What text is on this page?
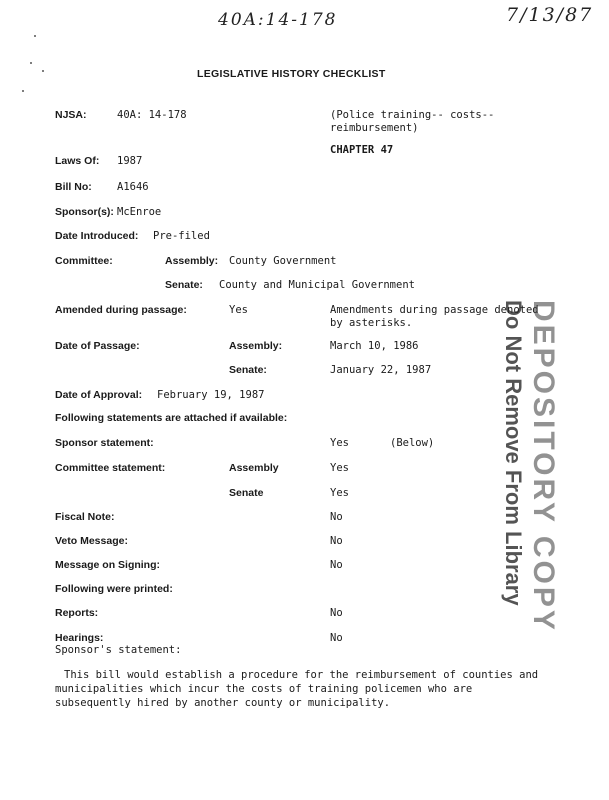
40A:14-178	7/13/87
LEGISLATIVE HISTORY CHECKLIST
NJSA:	40A: 14-178	(Police training-- costs--
reimbursement)
CHAPTER 47
Laws Of: 1987
Bill No: A1646
Sponsor(s): McEnroe
Date Introduced: Pre-filed
Committee:	Assembly: County Government
Senate: County and Municipal Government
Amended during passage:	Yes	Amendments during passage denoted
by asterisks.
Date of Passage:	Assembly:	March 10, 1986
Senate:	January 22, 1987
Date of Approval: February 19, 1987
Following statements are attached if available:
Sponsor statement:	Yes	(Below)
Committee statement:	Assembly	Yes
Senate	Yes
Fiscal Note:	No
Veto Message:	No
Message on Signing:	No
Following were printed:
Reports:	No
Hearings:	No
Sponsor's statement:
This bill would establish a procedure for the reimbursement of counties and municipalities which incur the costs of training policemen who are subsequently hired by another county or municipality.
DEPOSITORY COPY
Do Not Remove From Library
